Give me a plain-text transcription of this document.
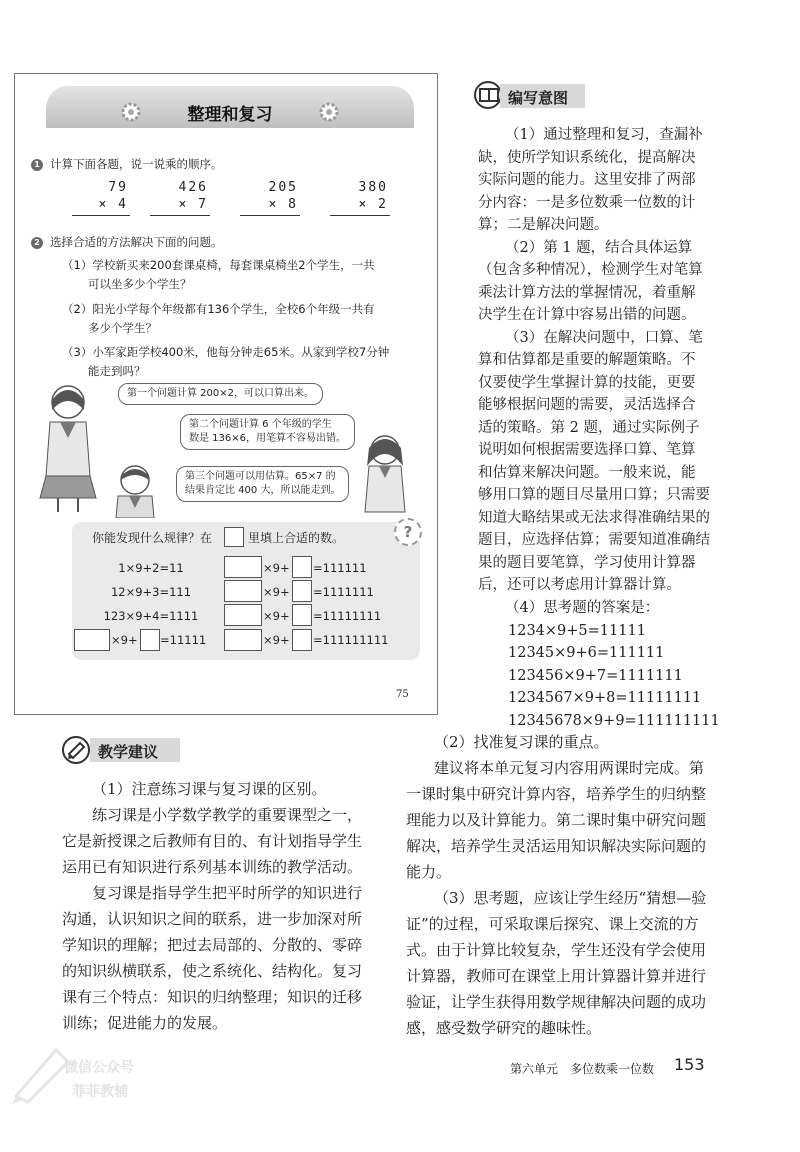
整理和复习
1 计算下面各题，说一说乘的顺序。
79
× 4
426
× 7
205
× 8
380
× 2
2 选择合适的方法解决下面的问题。
（1）学校新买来200套课桌椅，每套课桌椅坐2个学生，一共
可以坐多少个学生？
（2）阳光小学每个年级都有136个学生，全校6个年级一共有
多少个学生？
（3）小军家距学校400米，他每分钟走65米。从家到学校7分钟
能走到吗？
第一个问题计算 200×2，可以口算出来。
第二个问题计算 6 个年级的学生
数是 136×6，用笔算不容易出错。
第三个问题可以用估算。65×7 的
结果肯定比 400 大，所以能走到。
你能发现什么规律？在	里填上合适的数。	?
1×9+2=11
12×9+3=111
123×9+4=1111
×9+ =11111
×9+ =111111
×9+ =1111111
×9+ =11111111
×9+ =111111111
75
编写意图
（1）通过整理和复习，查漏补
缺，使所学知识系统化，提高解决
实际问题的能力。这里安排了两部
分内容：一是多位数乘一位数的计
算；二是解决问题。
（2）第 1 题，结合具体运算
（包含多种情况），检测学生对笔算
乘法计算方法的掌握情况，着重解
决学生在计算中容易出错的问题。
（3）在解决问题中，口算、笔
算和估算都是重要的解题策略。不
仅要使学生掌握计算的技能，更要
能够根据问题的需要，灵活选择合
适的策略。第 2 题，通过实际例子
说明如何根据需要选择口算、笔算
和估算来解决问题。一般来说，能
够用口算的题目尽量用口算；只需要
知道大略结果或无法求得准确结果的
题目，应选择估算；需要知道准确结
果的题目要笔算，学习使用计算器
后，还可以考虑用计算器计算。
（4）思考题的答案是：
1234×9+5=11111
12345×9+6=111111
123456×9+7=1111111
1234567×9+8=11111111
12345678×9+9=111111111
教学建议
（1）注意练习课与复习课的区别。
练习课是小学数学教学的重要课型之一，
它是新授课之后教师有目的、有计划指导学生
运用已有知识进行系列基本训练的教学活动。
复习课是指导学生把平时所学的知识进行
沟通，认识知识之间的联系，进一步加深对所
学知识的理解；把过去局部的、分散的、零碎
的知识纵横联系，使之系统化、结构化。复习
课有三个特点：知识的归纳整理；知识的迁移
训练；促进能力的发展。
（2）找准复习课的重点。
建议将本单元复习内容用两课时完成。第
一课时集中研究计算内容，培养学生的归纳整
理能力以及计算能力。第二课时集中研究问题
解决，培养学生灵活运用知识解决实际问题的
能力。
（3）思考题，应该让学生经历“猜想—验
证”的过程，可采取课后探究、课上交流的方
式。由于计算比较复杂，学生还没有学会使用
计算器，教师可在课堂上用计算器计算并进行
验证，让学生获得用数学规律解决问题的成功
感，感受数学研究的趣味性。
微信公众号
菲菲教辅
第六单元　多位数乘一位数 153
